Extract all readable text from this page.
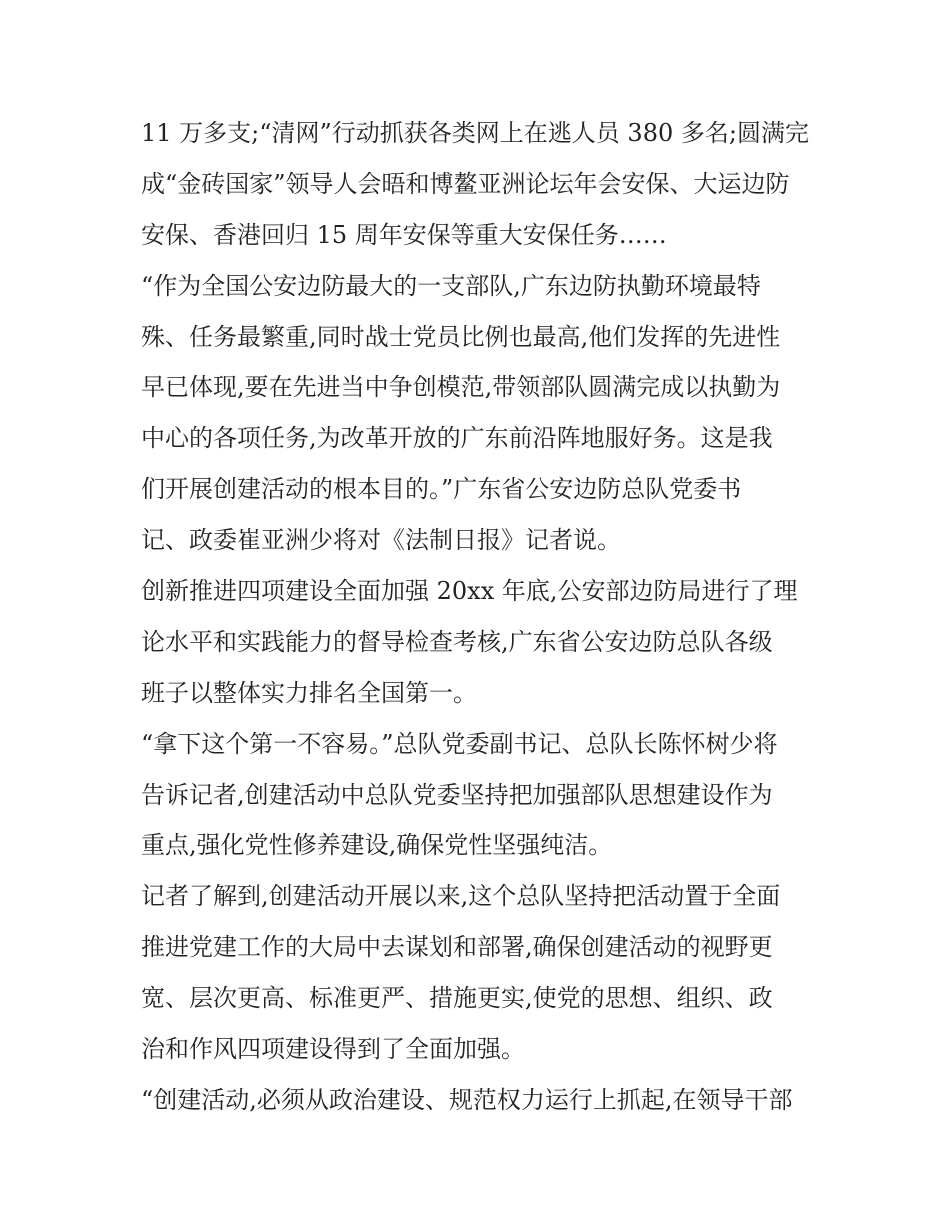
11 万多支;“清网”行动抓获各类网上在逃人员 380 多名;圆满完
成“金砖国家”领导人会晤和博鳌亚洲论坛年会安保、大运边防
安保、香港回归 15 周年安保等重大安保任务……
“作为全国公安边防最大的一支部队,广东边防执勤环境最特
殊、任务最繁重,同时战士党员比例也最高,他们发挥的先进性
早已体现,要在先进当中争创模范,带领部队圆满完成以执勤为
中心的各项任务,为改革开放的广东前沿阵地服好务。这是我
们开展创建活动的根本目的。”广东省公安边防总队党委书
记、政委崔亚洲少将对《法制日报》记者说。
创新推进四项建设全面加强 20xx 年底,公安部边防局进行了理
论水平和实践能力的督导检查考核,广东省公安边防总队各级
班子以整体实力排名全国第一。
“拿下这个第一不容易。”总队党委副书记、总队长陈怀树少将
告诉记者,创建活动中总队党委坚持把加强部队思想建设作为
重点,强化党性修养建设,确保党性坚强纯洁。
记者了解到,创建活动开展以来,这个总队坚持把活动置于全面
推进党建工作的大局中去谋划和部署,确保创建活动的视野更
宽、层次更高、标准更严、措施更实,使党的思想、组织、政
治和作风四项建设得到了全面加强。
“创建活动,必须从政治建设、规范权力运行上抓起,在领导干部
